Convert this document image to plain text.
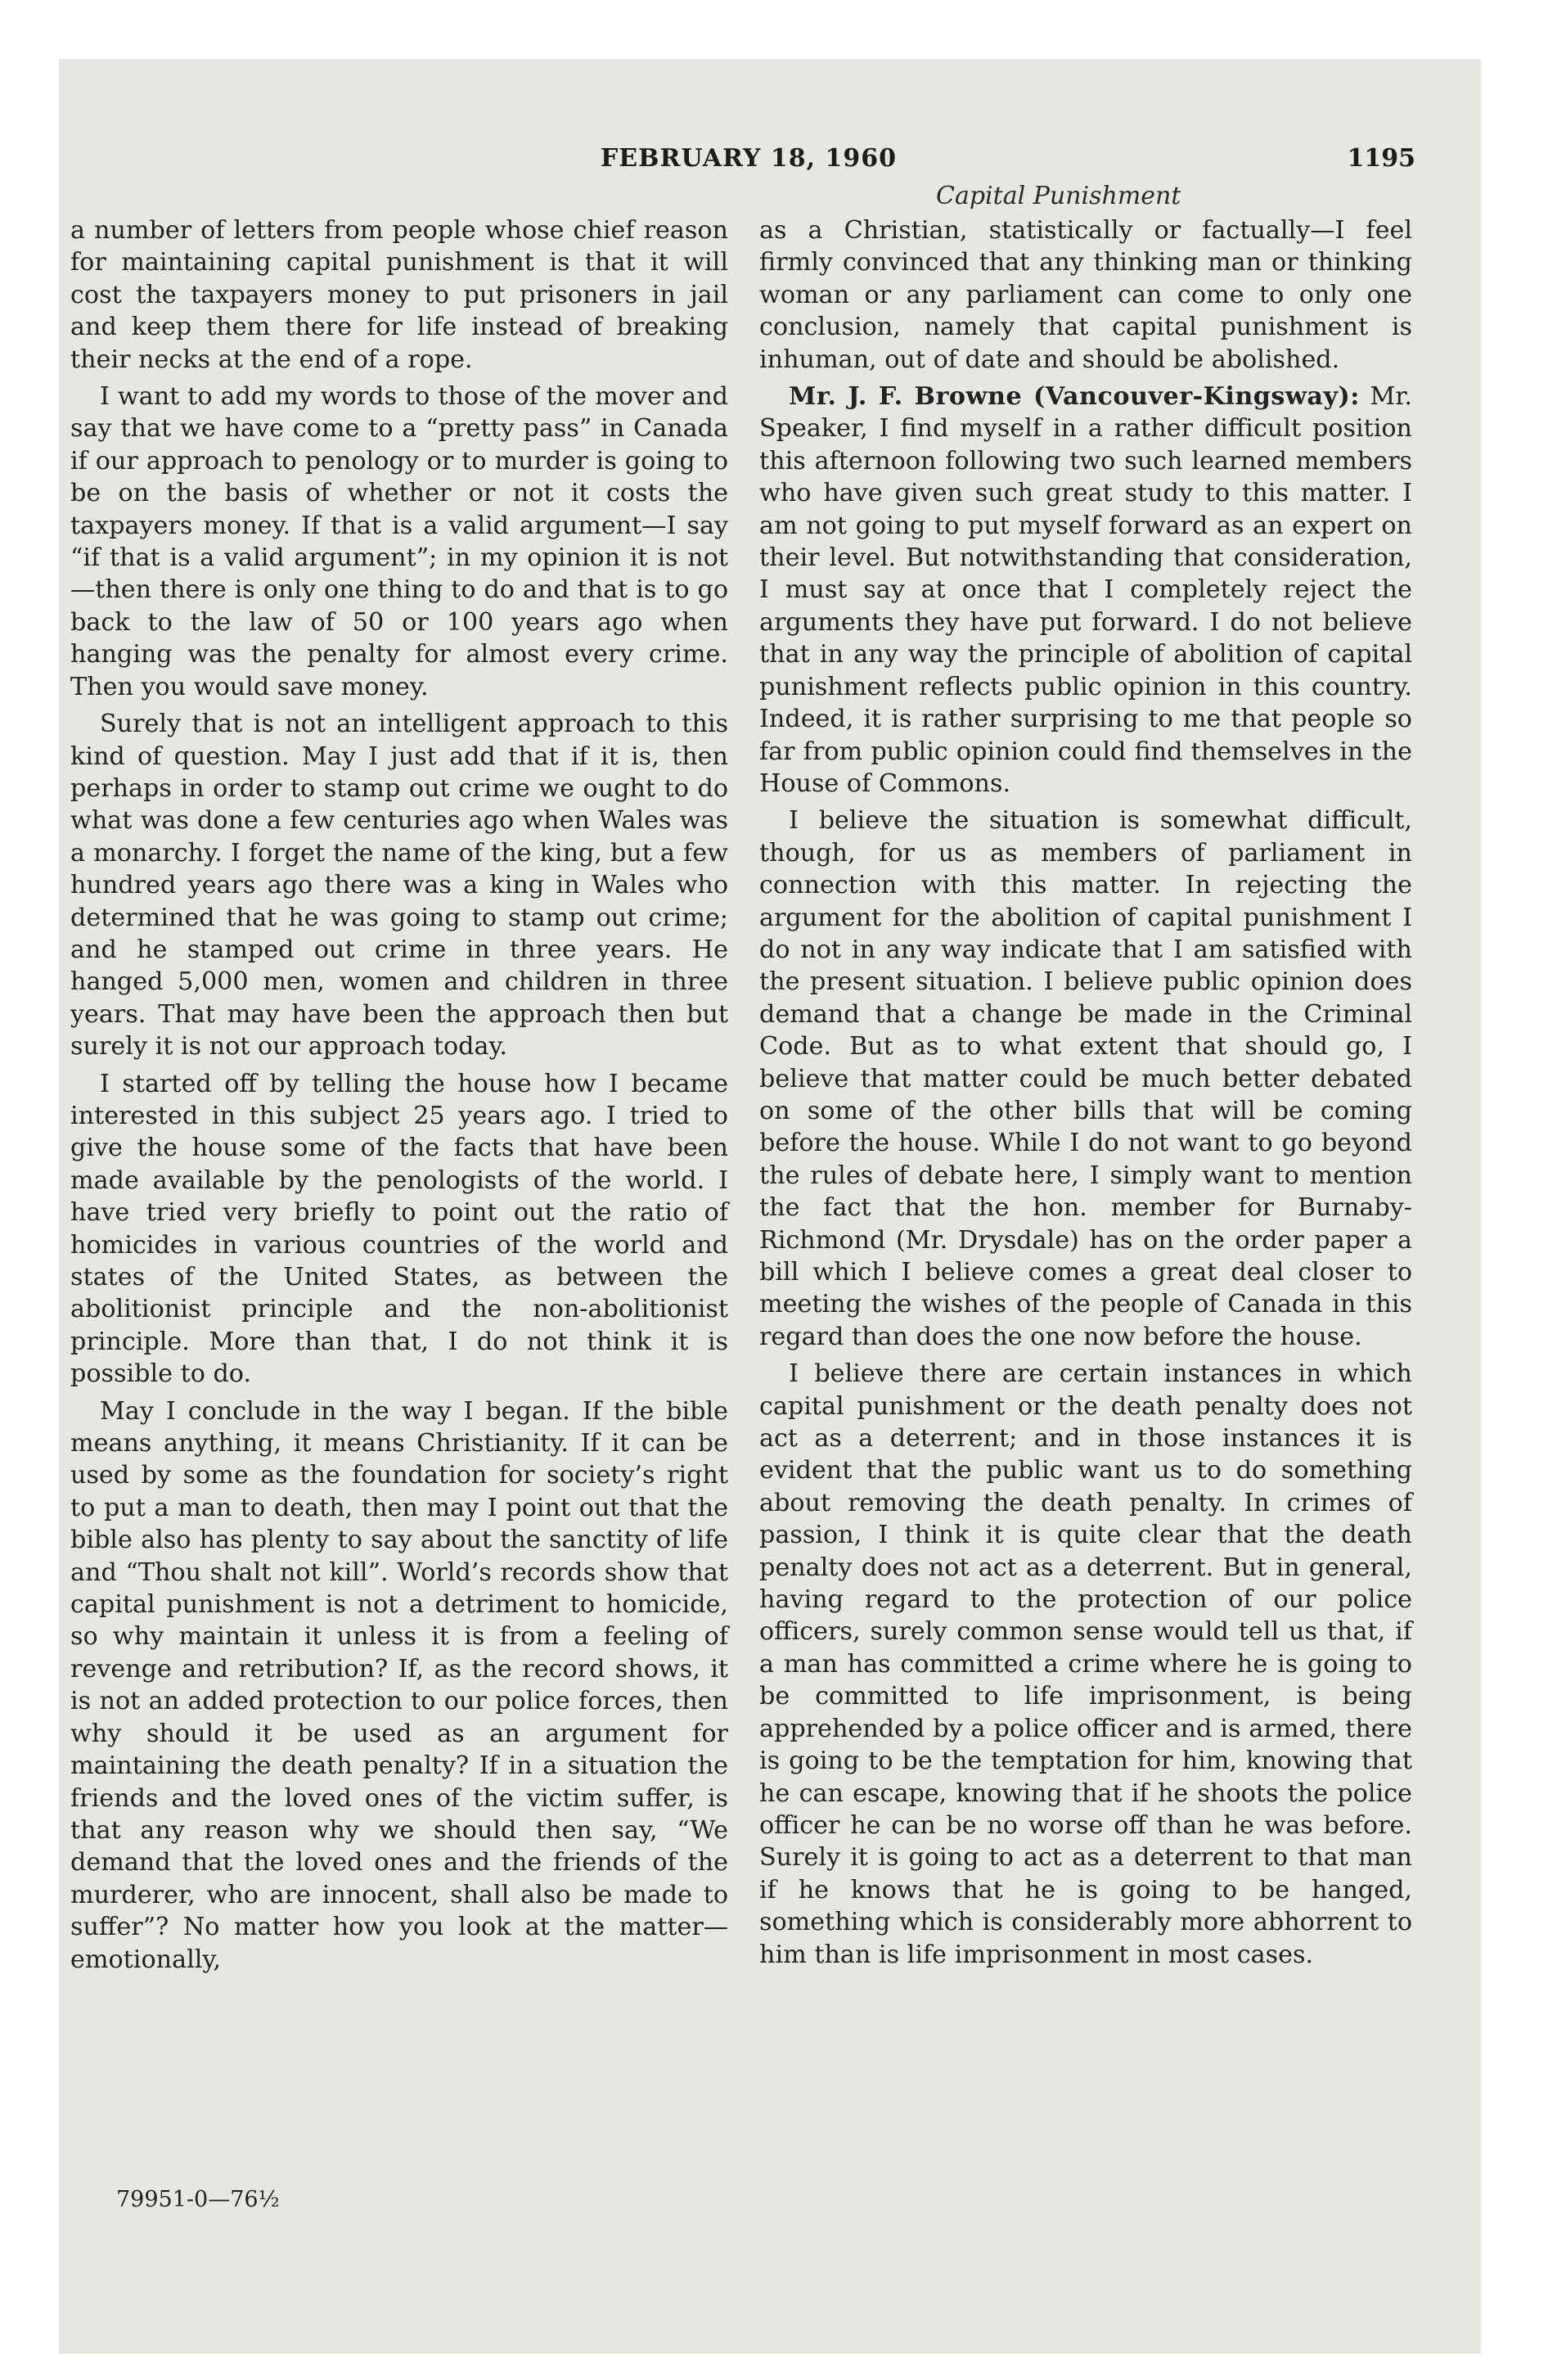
FEBRUARY 18, 1960	1195
Capital Punishment

a number of letters from people whose chief reason for maintaining capital punishment is that it will cost the taxpayers money to put prisoners in jail and keep them there for life instead of breaking their necks at the end of a rope.

I want to add my words to those of the mover and say that we have come to a “pretty pass” in Canada if our approach to penology or to murder is going to be on the basis of whether or not it costs the taxpayers money. If that is a valid argument—I say “if that is a valid argument”; in my opinion it is not—then there is only one thing to do and that is to go back to the law of 50 or 100 years ago when hanging was the penalty for almost every crime. Then you would save money.

Surely that is not an intelligent approach to this kind of question. May I just add that if it is, then perhaps in order to stamp out crime we ought to do what was done a few centuries ago when Wales was a monarchy. I forget the name of the king, but a few hundred years ago there was a king in Wales who determined that he was going to stamp out crime; and he stamped out crime in three years. He hanged 5,000 men, women and children in three years. That may have been the approach then but surely it is not our approach today.

I started off by telling the house how I became interested in this subject 25 years ago. I tried to give the house some of the facts that have been made available by the penologists of the world. I have tried very briefly to point out the ratio of homicides in various countries of the world and states of the United States, as between the abolitionist principle and the non-abolitionist principle. More than that, I do not think it is possible to do.

May I conclude in the way I began. If the bible means anything, it means Christianity. If it can be used by some as the foundation for society’s right to put a man to death, then may I point out that the bible also has plenty to say about the sanctity of life and “Thou shalt not kill”. World’s records show that capital punishment is not a detriment to homicide, so why maintain it unless it is from a feeling of revenge and retribution? If, as the record shows, it is not an added protection to our police forces, then why should it be used as an argument for maintaining the death penalty? If in a situation the friends and the loved ones of the victim suffer, is that any reason why we should then say, “We demand that the loved ones and the friends of the murderer, who are innocent, shall also be made to suffer”? No matter how you look at the matter—emotionally,

as a Christian, statistically or factually—I feel firmly convinced that any thinking man or thinking woman or any parliament can come to only one conclusion, namely that capital punishment is inhuman, out of date and should be abolished.

Mr. J. F. Browne (Vancouver-Kingsway): Mr. Speaker, I find myself in a rather difficult position this afternoon following two such learned members who have given such great study to this matter. I am not going to put myself forward as an expert on their level. But notwithstanding that consideration, I must say at once that I completely reject the arguments they have put forward. I do not believe that in any way the principle of abolition of capital punishment reflects public opinion in this country. Indeed, it is rather surprising to me that people so far from public opinion could find themselves in the House of Commons.

I believe the situation is somewhat difficult, though, for us as members of parliament in connection with this matter. In rejecting the argument for the abolition of capital punishment I do not in any way indicate that I am satisfied with the present situation. I believe public opinion does demand that a change be made in the Criminal Code. But as to what extent that should go, I believe that matter could be much better debated on some of the other bills that will be coming before the house. While I do not want to go beyond the rules of debate here, I simply want to mention the fact that the hon. member for Burnaby-Richmond (Mr. Drysdale) has on the order paper a bill which I believe comes a great deal closer to meeting the wishes of the people of Canada in this regard than does the one now before the house.

I believe there are certain instances in which capital punishment or the death penalty does not act as a deterrent; and in those instances it is evident that the public want us to do something about removing the death penalty. In crimes of passion, I think it is quite clear that the death penalty does not act as a deterrent. But in general, having regard to the protection of our police officers, surely common sense would tell us that, if a man has committed a crime where he is going to be committed to life imprisonment, is being apprehended by a police officer and is armed, there is going to be the temptation for him, knowing that he can escape, knowing that if he shoots the police officer he can be no worse off than he was before. Surely it is going to act as a deterrent to that man if he knows that he is going to be hanged, something which is considerably more abhorrent to him than is life imprisonment in most cases.

79951-0—76½
